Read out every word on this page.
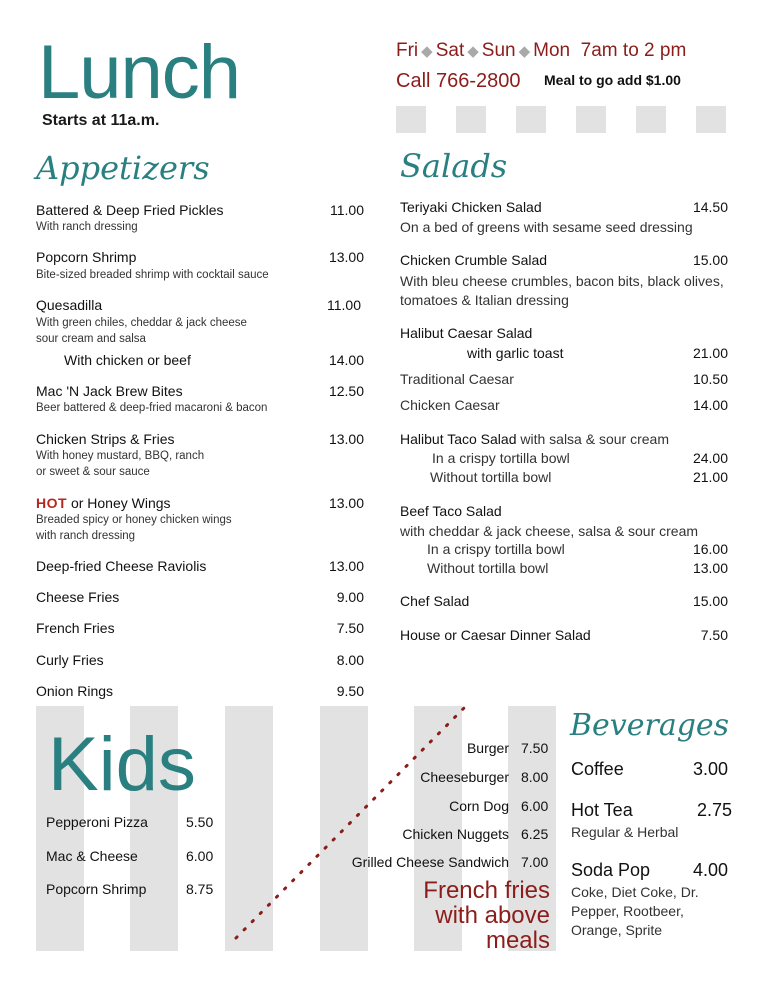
Lunch
Starts at 11a.m.
Fri ◆ Sat ◆ Sun ◆ Mon 7am to 2 pm
Call 766-2800 Meal to go add $1.00
Appetizers
Battered & Deep Fried Pickles
With ranch dressing
11.00
Popcorn Shrimp
Bite-sized breaded shrimp with cocktail sauce
13.00
Quesadilla
With green chiles, cheddar & jack cheese
sour cream and salsa
11.00
With chicken or beef	14.00
Mac 'N Jack Brew Bites
Beer battered & deep-fried macaroni & bacon
12.50
Chicken Strips & Fries
With honey mustard, BBQ, ranch
or sweet & sour sauce
13.00
HOT or Honey Wings
Breaded spicy or honey chicken wings
with ranch dressing
13.00
Deep-fried Cheese Raviolis	13.00
Cheese Fries	9.00
French Fries	7.50
Curly Fries	8.00
Onion Rings	9.50
Salads
Teriyaki Chicken Salad
On a bed of greens with sesame seed dressing
14.50
Chicken Crumble Salad
With bleu cheese crumbles, bacon bits, black olives,
tomatoes & Italian dressing
15.00
Halibut Caesar Salad
with garlic toast	21.00
Traditional Caesar	10.50
Chicken Caesar	14.00
Halibut Taco Salad with salsa & sour cream
In a crispy tortilla bowl	24.00
Without tortilla bowl	21.00
Beef Taco Salad
with cheddar & jack cheese, salsa & sour cream
In a crispy tortilla bowl	16.00
Without tortilla bowl	13.00
Chef Salad	15.00
House or Caesar Dinner Salad	7.50
Kids
Pepperoni Pizza	5.50
Mac & Cheese	6.00
Popcorn Shrimp	8.75
Burger 7.50
Cheeseburger 8.00
Corn Dog 6.00
Chicken Nuggets 6.25
Grilled Cheese Sandwich 7.00
French fries
with above
meals
Beverages
Coffee	3.00
Hot Tea	2.75
Regular & Herbal
Soda Pop 4.00
Coke, Diet Coke, Dr.
Pepper, Rootbeer,
Orange, Sprite
